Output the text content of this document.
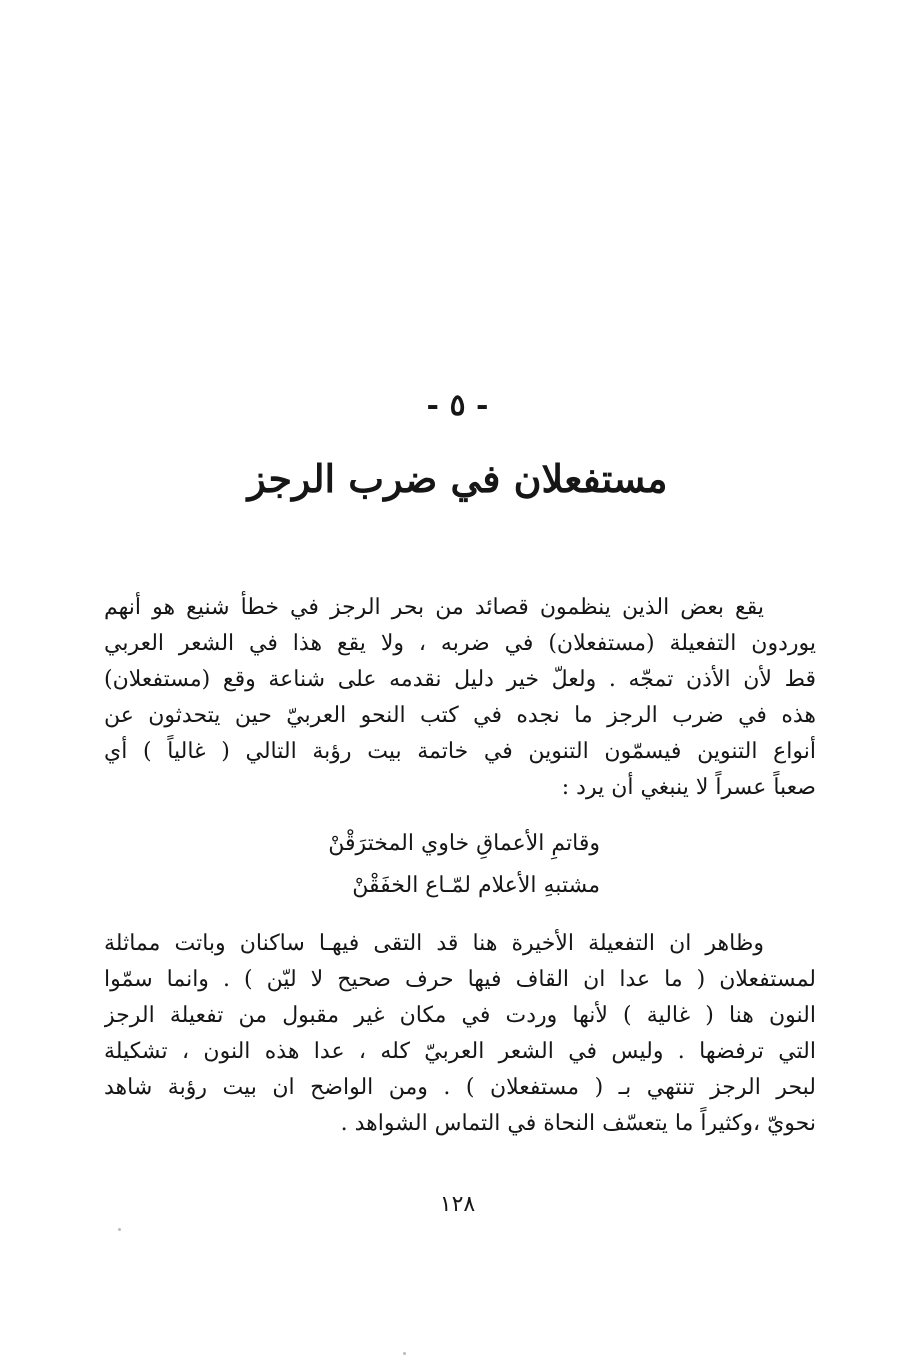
- ٥ -
مستفعلان في ضرب الرجز
يقع بعض الذين ينظمون قصائد من بحر الرجز في خطأ شنيع هو أنهم
يوردون التفعيلة (مستفعلان) في ضربه ، ولا يقع هذا في الشعر العربي
قط لأن الأذن تمجّه . ولعلّ خير دليل نقدمه على شناعة وقع (مستفعلان)
هذه في ضرب الرجز ما نجده في كتب النحو العربيّ حين يتحدثون عن
أنواع التنوين فيسمّون التنوين في خاتمة بيت رؤبة التالي ( غالياً ) أي
صعباً عسراً لا ينبغي أن يرد :
وقاتمِ الأعماقِ خاوي المخترَقْنْ
مشتبهِ الأعلام لمّـاع الخفَقْنْ
وظاهر ان التفعيلة الأخيرة هنا قد التقى فيهـا ساكنان وباتت مماثلة
لمستفعلان ( ما عدا ان القاف فيها حرف صحيح لا ليّن ) . وانما سمّوا
النون هنا ( غالية ) لأنها وردت في مكان غير مقبول من تفعيلة الرجز
التي ترفضها . وليس في الشعر العربيّ كله ، عدا هذه النون ، تشكيلة
لبحر الرجز تنتهي بـ ( مستفعلان ) . ومن الواضح ان بيت رؤبة شاهد
نحويّ ،وكثيراً ما يتعسّف النحاة في التماس الشواهد .
١٢٨
